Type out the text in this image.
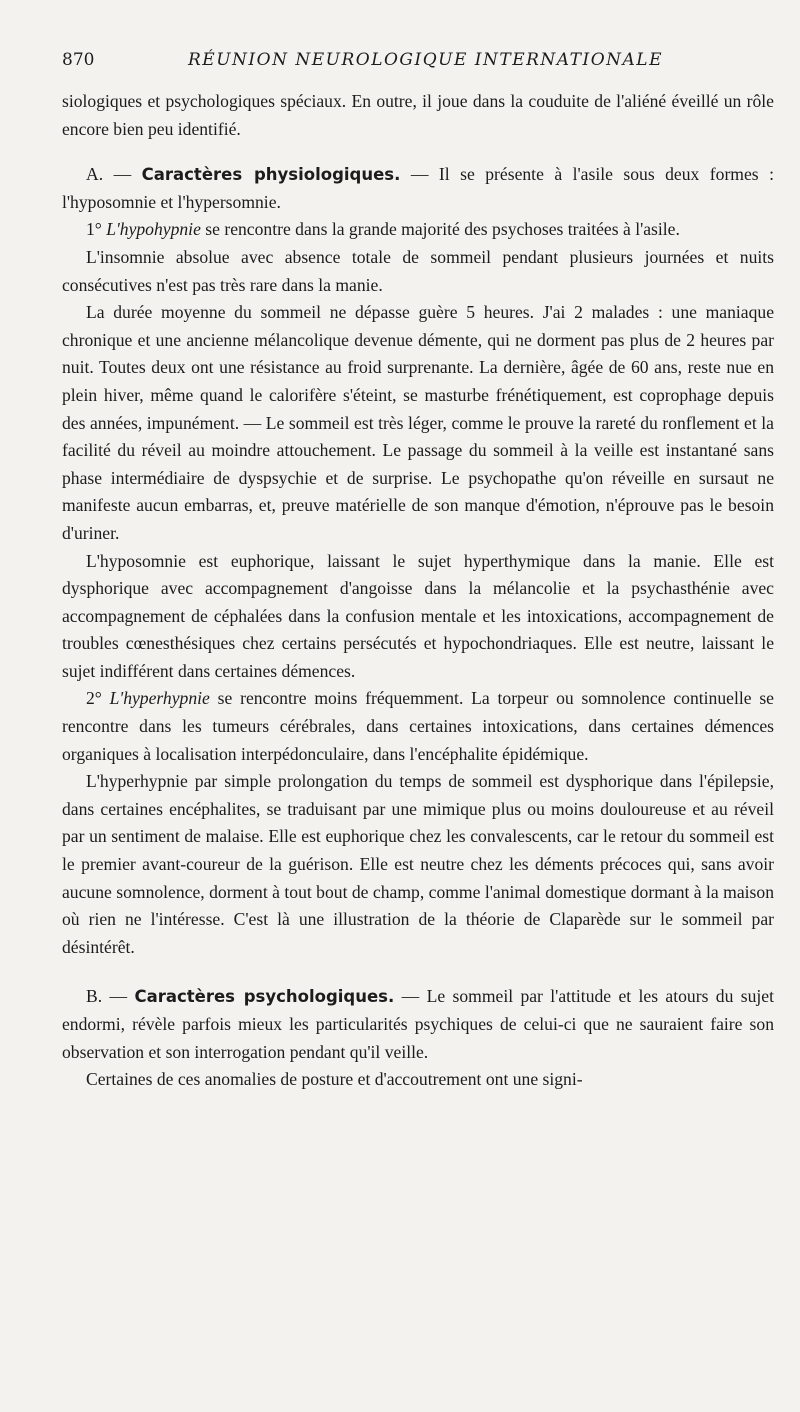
870	RÉUNION NEUROLOGIQUE INTERNATIONALE

siologiques et psychologiques spéciaux. En outre, il joue dans la couduite de l'aliéné éveillé un rôle encore bien peu identifié.

A. — Caractères physiologiques. — Il se présente à l'asile sous deux formes : l'hyposomnie et l'hypersomnie.

1° L'hypohypnie se rencontre dans la grande majorité des psychoses traitées à l'asile.

L'insomnie absolue avec absence totale de sommeil pendant plusieurs journées et nuits consécutives n'est pas très rare dans la manie.

La durée moyenne du sommeil ne dépasse guère 5 heures. J'ai 2 malades : une maniaque chronique et une ancienne mélancolique devenue démente, qui ne dorment pas plus de 2 heures par nuit. Toutes deux ont une résistance au froid surprenante. La dernière, âgée de 60 ans, reste nue en plein hiver, même quand le calorifère s'éteint, se masturbe frénétiquement, est coprophage depuis des années, impunément. — Le sommeil est très léger, comme le prouve la rareté du ronflement et la facilité du réveil au moindre attouchement. Le passage du sommeil à la veille est instantané sans phase intermédiaire de dyspsychie et de surprise. Le psychopathe qu'on réveille en sursaut ne manifeste aucun embarras, et, preuve matérielle de son manque d'émotion, n'éprouve pas le besoin d'uriner.

L'hyposomnie est euphorique, laissant le sujet hyperthymique dans la manie. Elle est dysphorique avec accompagnement d'angoisse dans la mélancolie et la psychasthénie avec accompagnement de céphalées dans la confusion mentale et les intoxications, accompagnement de troubles cœnesthésiques chez certains persécutés et hypochondriaques. Elle est neutre, laissant le sujet indifférent dans certaines démences.

2° L'hyperhypnie se rencontre moins fréquemment. La torpeur ou somnolence continuelle se rencontre dans les tumeurs cérébrales, dans certaines intoxications, dans certaines démences organiques à localisation interpédonculaire, dans l'encéphalite épidémique.

L'hyperhypnie par simple prolongation du temps de sommeil est dysphorique dans l'épilepsie, dans certaines encéphalites, se traduisant par une mimique plus ou moins douloureuse et au réveil par un sentiment de malaise. Elle est euphorique chez les convalescents, car le retour du sommeil est le premier avant-coureur de la guérison. Elle est neutre chez les déments précoces qui, sans avoir aucune somnolence, dorment à tout bout de champ, comme l'animal domestique dormant à la maison où rien ne l'intéresse. C'est là une illustration de la théorie de Claparède sur le sommeil par désintérêt.

B. — Caractères psychologiques. — Le sommeil par l'attitude et les atours du sujet endormi, révèle parfois mieux les particularités psychiques de celui-ci que ne sauraient faire son observation et son interrogation pendant qu'il veille.

Certaines de ces anomalies de posture et d'accoutrement ont une signi-
